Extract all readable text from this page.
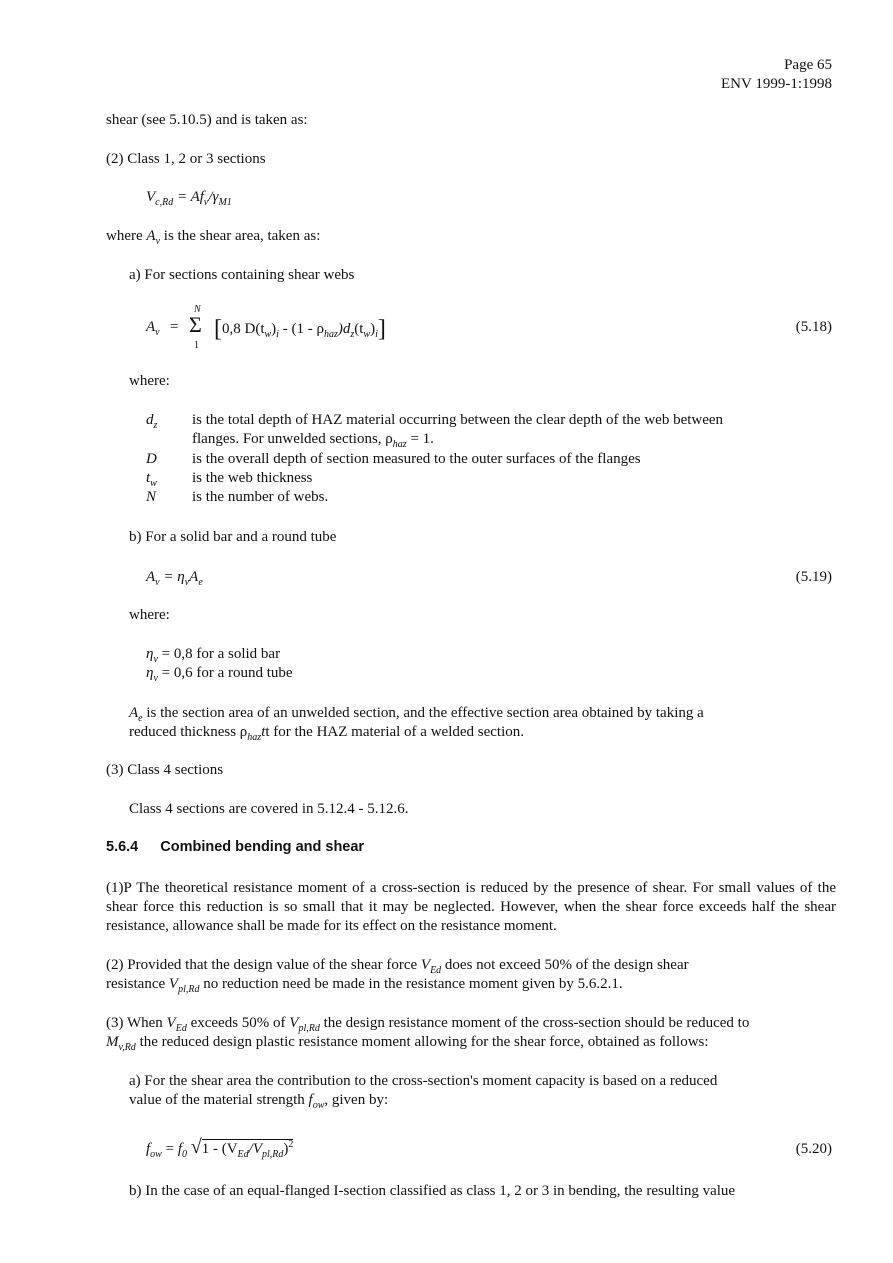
Page 65
ENV 1999-1:1998
shear (see 5.10.5) and is taken as:
(2) Class 1, 2 or 3 sections
$V_{c,Rd} = Af_v/\gamma_{M1}$
where $A_v$ is the shear area, taken as:
a) For sections containing shear webs
$A_v$ =
N
Σ
1
[0,8 $D(t_w)_i - (1 - \rho_{haz})d_z(t_w)_i$]	(5.18)
where:
$d_z$	is the total depth of HAZ material occurring between the clear depth of the web between
flanges. For unwelded sections, $\rho_{haz} = 1$.
D	is the overall depth of section measured to the outer surfaces of the flanges
$t_w$	is the web thickness
N	is the number of webs.
b) For a solid bar and a round tube
$A_v = \eta_vA_e$	(5.19)
where:
$\eta_v = 0,8$ for a solid bar
$\eta_v = 0,6$ for a round tube
$A_e$ is the section area of an unwelded section, and the effective section area obtained by taking a
reduced thickness $\rho_{haz}tt$ for the HAZ material of a welded section.
(3) Class 4 sections
Class 4 sections are covered in 5.12.4 - 5.12.6.
5.6.4 Combined bending and shear
(1)P The theoretical resistance moment of a cross-section is reduced by the presence of shear. For small values of the shear force this reduction is so small that it may be neglected. However, when the shear force exceeds half the shear resistance, allowance shall be made for its effect on the resistance moment.
(2) Provided that the design value of the shear force $V_{Ed}$ does not exceed 50% of the design shear
resistance $V_{pl,Rd}$ no reduction need be made in the resistance moment given by 5.6.2.1.
(3) When $V_{Ed}$ exceeds 50% of $V_{pl,Rd}$ the design resistance moment of the cross-section should be reduced to
$M_{v,Rd}$ the reduced design plastic resistance moment allowing for the shear force, obtained as follows:
a) For the shear area the contribution to the cross-section's moment capacity is based on a reduced
value of the material strength $f_{ow}$, given by:
$f_{ow} = f_0$ $√1 - (V_{Ed}/V_{pl,Rd})^2$	(5.20)
b) In the case of an equal-flanged I-section classified as class 1, 2 or 3 in bending, the resulting value
